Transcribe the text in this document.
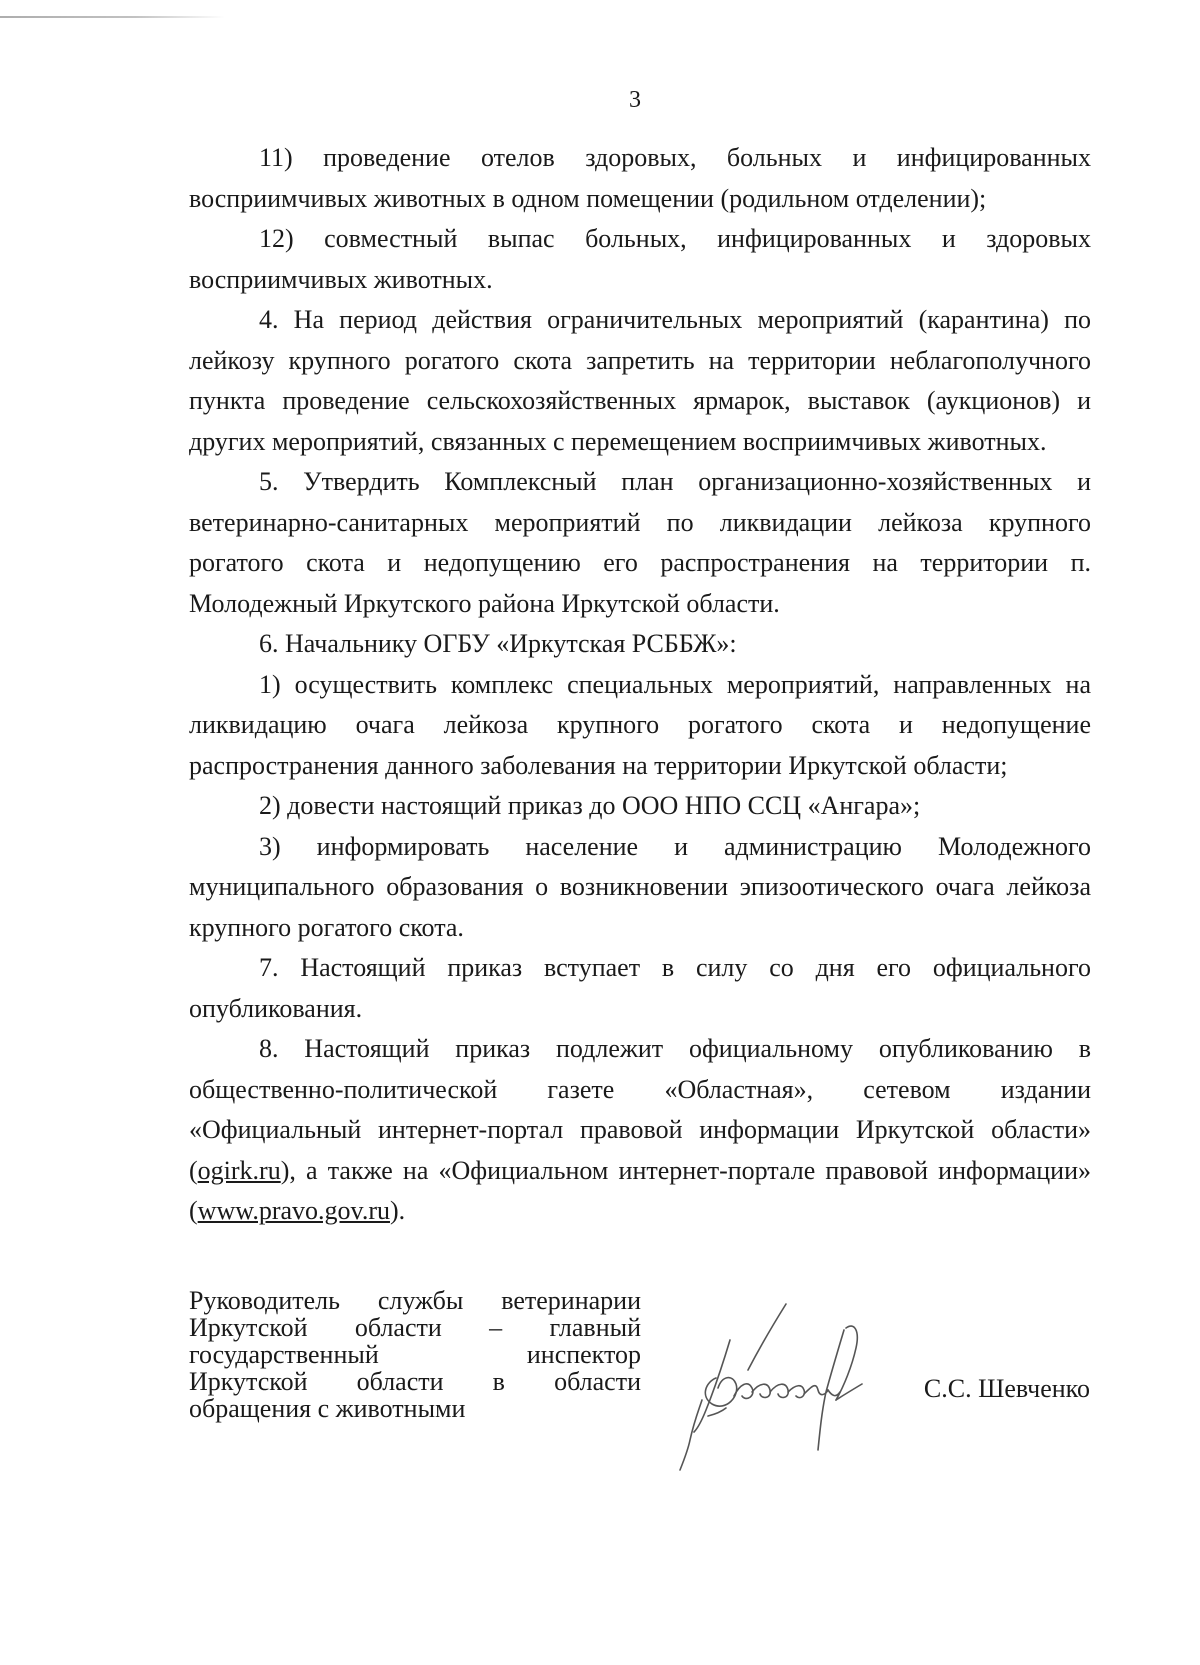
3

11) проведение отелов здоровых, больных и инфицированных восприимчивых животных в одном помещении (родильном отделении);

12) совместный выпас больных, инфицированных и здоровых восприимчивых животных.

4. На период действия ограничительных мероприятий (карантина) по лейкозу крупного рогатого скота запретить на территории неблагополучного пункта проведение сельскохозяйственных ярмарок, выставок (аукционов) и других мероприятий, связанных с перемещением восприимчивых животных.

5. Утвердить Комплексный план организационно-хозяйственных и ветеринарно-санитарных мероприятий по ликвидации лейкоза крупного рогатого скота и недопущению его распространения на территории п. Молодежный Иркутского района Иркутской области.

6. Начальнику ОГБУ «Иркутская РСББЖ»:

1) осуществить комплекс специальных мероприятий, направленных на ликвидацию очага лейкоза крупного рогатого скота и недопущение распространения данного заболевания на территории Иркутской области;

2) довести настоящий приказ до ООО НПО ССЦ «Ангара»;

3) информировать население и администрацию Молодежного муниципального образования о возникновении эпизоотического очага лейкоза крупного рогатого скота.

7. Настоящий приказ вступает в силу со дня его официального опубликования.

8. Настоящий приказ подлежит официальному опубликованию в общественно-политической газете «Областная», сетевом издании «Официальный интернет-портал правовой информации Иркутской области» (ogirk.ru), а также на «Официальном интернет-портале правовой информации» (www.pravo.gov.ru).

Руководитель службы ветеринарии
Иркутской области – главный
государственный инспектор
Иркутской области в области
обращения с животными
С.С. Шевченко
